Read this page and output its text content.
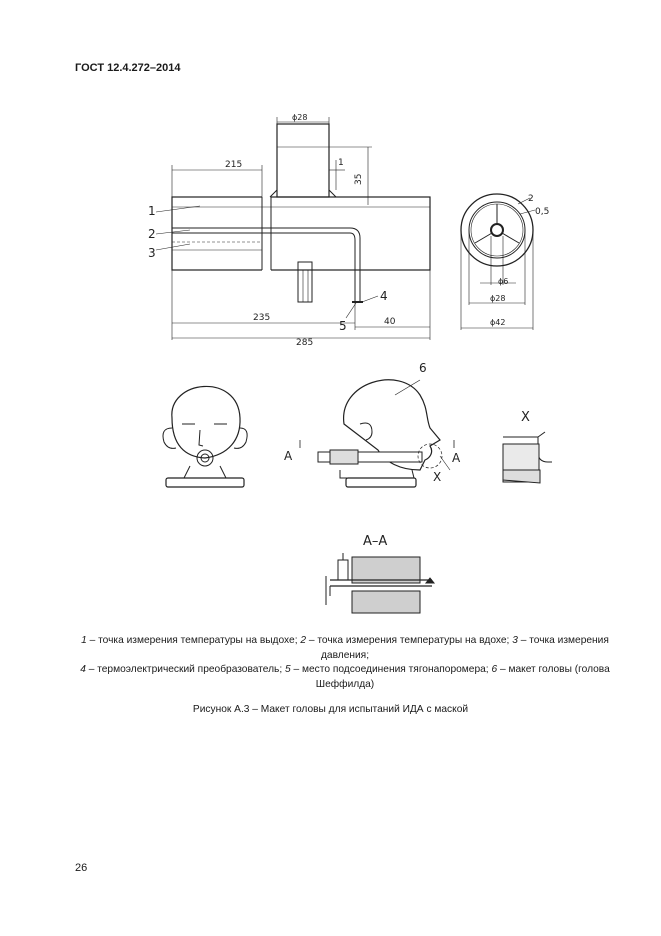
ГОСТ 12.4.272–2014
ϕ28
215	1
35
235
285
40
2
0,5
ϕ6
ϕ28
ϕ42
1
2
3
4
5
6
A	A
X
X
A–A
1 – точка измерения температуры на выдохе; 2 – точка измерения температуры на вдохе; 3 – точка измерения давления;
4 – термоэлектрический преобразователь; 5 – место подсоединения тягонапоромера; 6 – макет головы (голова Шеффилда)
Рисунок А.3 – Макет головы для испытаний ИДА с маской
26
